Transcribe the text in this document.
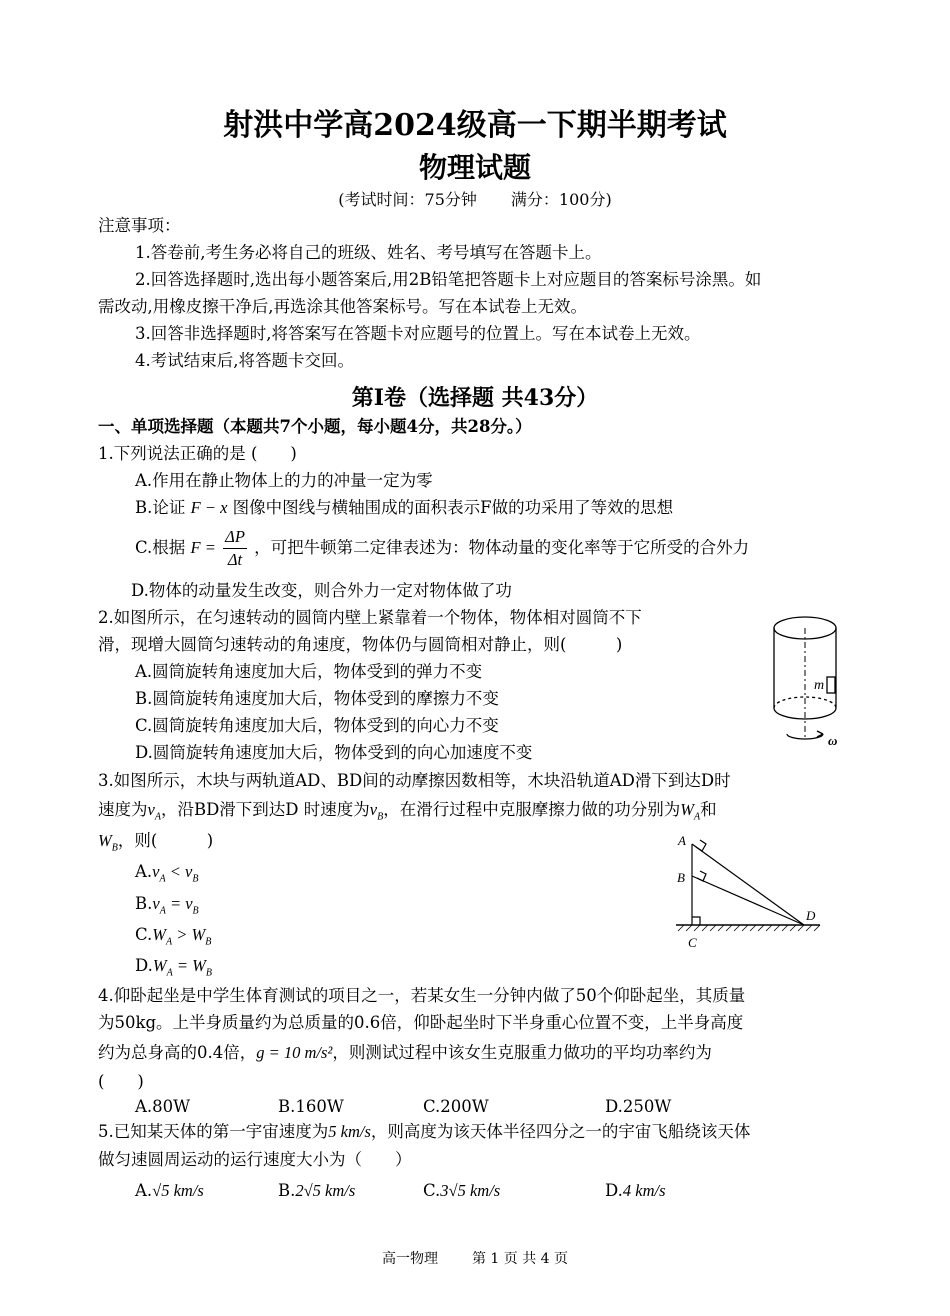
射洪中学高2024级高一下期半期考试
物理试题
(考试时间：75分钟 满分：100分)
注意事项：
1.答卷前,考生务必将自己的班级、姓名、考号填写在答题卡上。
2.回答选择题时,选出每小题答案后,用2B铅笔把答题卡上对应题目的答案标号涂黑。如
需改动,用橡皮擦干净后,再选涂其他答案标号。写在本试卷上无效。
3.回答非选择题时,将答案写在答题卡对应题号的位置上。写在本试卷上无效。
4.考试结束后,将答题卡交回。
第I卷（选择题 共43分）
一、单项选择题（本题共7个小题，每小题4分，共28分。）
1.下列说法正确的是 (　　)
A.作用在静止物体上的力的冲量一定为零
B.论证 F − x 图像中图线与横轴围成的面积表示F做的功采用了等效的思想
C.根据 $F = \frac{\Delta P}{\Delta t}$ ，可把牛顿第二定律表述为：物体动量的变化率等于它所受的合外力
D.物体的动量发生改变，则合外力一定对物体做了功
2.如图所示，在匀速转动的圆筒内壁上紧靠着一个物体，物体相对圆筒不下
滑，现增大圆筒匀速转动的角速度，物体仍与圆筒相对静止，则(　　　)
A.圆筒旋转角速度加大后，物体受到的弹力不变
B.圆筒旋转角速度加大后，物体受到的摩擦力不变
C.圆筒旋转角速度加大后，物体受到的向心力不变
D.圆筒旋转角速度加大后，物体受到的向心加速度不变
m
ω
3.如图所示，木块与两轨道AD、BD间的动摩擦因数相等，木块沿轨道AD滑下到达D时
速度为$v_A$，沿BD滑下到达D 时速度为$v_B$，在滑行过程中克服摩擦力做的功分别为$W_A$和
$W_B$，则(　　　)
$A.v_A < v_B$
$B.v_A = v_B$
$C.W_A > W_B$
$D.W_A = W_B$
A
B
C
D
4.仰卧起坐是中学生体育测试的项目之一，若某女生一分钟内做了50个仰卧起坐，其质量
为50kg。上半身质量约为总质量的0.6倍，仰卧起坐时下半身重心位置不变，上半身高度
约为总身高的0.4倍，g = 10 m/s²，则测试过程中该女生克服重力做功的平均功率约为
(　　)
A.80W	B.160W	C.200W	D.250W
5.已知某天体的第一宇宙速度为5 km/s，则高度为该天体半径四分之一的宇宙飞船绕该天体
做匀速圆周运动的运行速度大小为（　　）
A.√5 km/s	B.2√5 km/s	C.3√5 km/s	D.4 km/s
高一物理 第 1 页 共 4 页
